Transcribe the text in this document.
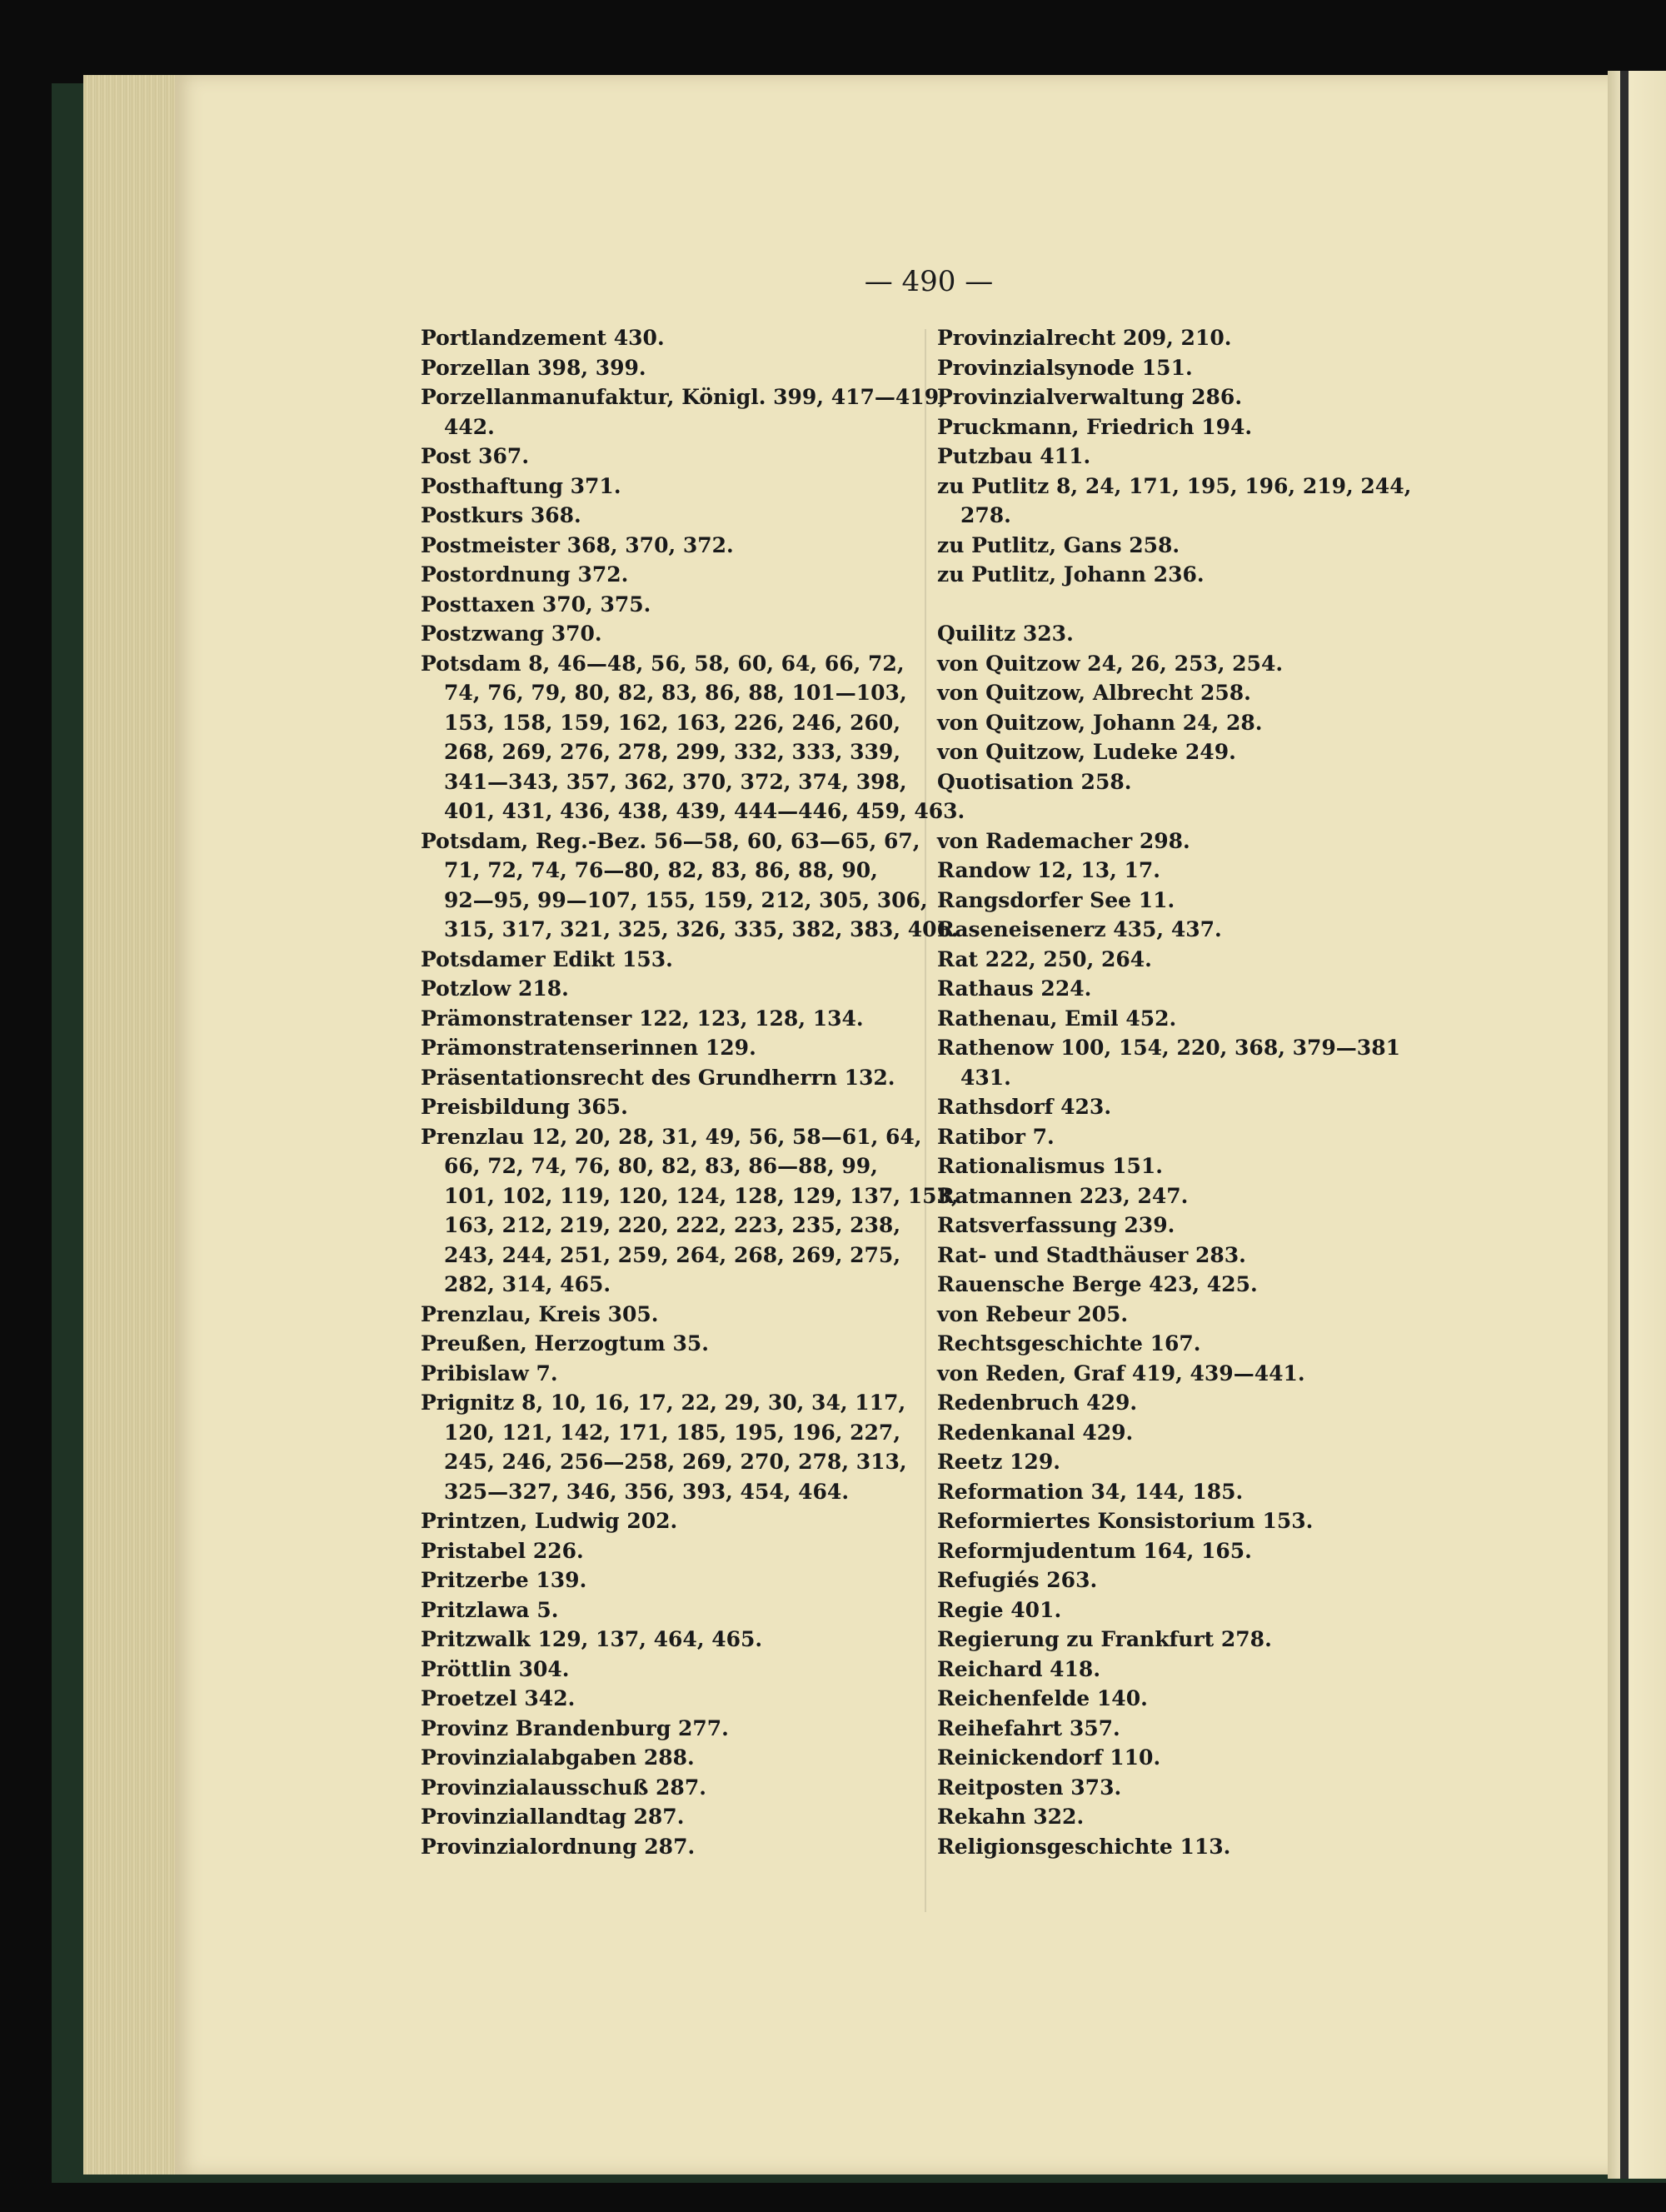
— 490 —
Portlandzement 430.
Porzellan 398, 399.
Porzellanmanufaktur, Königl. 399, 417—419,
442.
Post 367.
Posthaftung 371.
Postkurs 368.
Postmeister 368, 370, 372.
Postordnung 372.
Posttaxen 370, 375.
Postzwang 370.
Potsdam 8, 46—48, 56, 58, 60, 64, 66, 72,
74, 76, 79, 80, 82, 83, 86, 88, 101—103,
153, 158, 159, 162, 163, 226, 246, 260,
268, 269, 276, 278, 299, 332, 333, 339,
341—343, 357, 362, 370, 372, 374, 398,
401, 431, 436, 438, 439, 444—446, 459, 463.
Potsdam, Reg.-Bez. 56—58, 60, 63—65, 67,
71, 72, 74, 76—80, 82, 83, 86, 88, 90,
92—95, 99—107, 155, 159, 212, 305, 306,
315, 317, 321, 325, 326, 335, 382, 383, 406.
Potsdamer Edikt 153.
Potzlow 218.
Prämonstratenser 122, 123, 128, 134.
Prämonstratenserinnen 129.
Präsentationsrecht des Grundherrn 132.
Preisbildung 365.
Prenzlau 12, 20, 28, 31, 49, 56, 58—61, 64,
66, 72, 74, 76, 80, 82, 83, 86—88, 99,
101, 102, 119, 120, 124, 128, 129, 137, 153,
163, 212, 219, 220, 222, 223, 235, 238,
243, 244, 251, 259, 264, 268, 269, 275,
282, 314, 465.
Prenzlau, Kreis 305.
Preußen, Herzogtum 35.
Pribislaw 7.
Prignitz 8, 10, 16, 17, 22, 29, 30, 34, 117,
120, 121, 142, 171, 185, 195, 196, 227,
245, 246, 256—258, 269, 270, 278, 313,
325—327, 346, 356, 393, 454, 464.
Printzen, Ludwig 202.
Pristabel 226.
Pritzerbe 139.
Pritzlawa 5.
Pritzwalk 129, 137, 464, 465.
Pröttlin 304.
Proetzel 342.
Provinz Brandenburg 277.
Provinzialabgaben 288.
Provinzialausschuß 287.
Provinziallandtag 287.
Provinzialordnung 287.
Provinzialrecht 209, 210.
Provinzialsynode 151.
Provinzialverwaltung 286.
Pruckmann, Friedrich 194.
Putzbau 411.
zu Putlitz 8, 24, 171, 195, 196, 219, 244,
278.
zu Putlitz, Gans 258.
zu Putlitz, Johann 236.
Quilitz 323.
von Quitzow 24, 26, 253, 254.
von Quitzow, Albrecht 258.
von Quitzow, Johann 24, 28.
von Quitzow, Ludeke 249.
Quotisation 258.
von Rademacher 298.
Randow 12, 13, 17.
Rangsdorfer See 11.
Raseneisenerz 435, 437.
Rat 222, 250, 264.
Rathaus 224.
Rathenau, Emil 452.
Rathenow 100, 154, 220, 368, 379—381
431.
Rathsdorf 423.
Ratibor 7.
Rationalismus 151.
Ratmannen 223, 247.
Ratsverfassung 239.
Rat- und Stadthäuser 283.
Rauensche Berge 423, 425.
von Rebeur 205.
Rechtsgeschichte 167.
von Reden, Graf 419, 439—441.
Redenbruch 429.
Redenkanal 429.
Reetz 129.
Reformation 34, 144, 185.
Reformiertes Konsistorium 153.
Reformjudentum 164, 165.
Refugiés 263.
Regie 401.
Regierung zu Frankfurt 278.
Reichard 418.
Reichenfelde 140.
Reihefahrt 357.
Reinickendorf 110.
Reitposten 373.
Rekahn 322.
Religionsgeschichte 113.
